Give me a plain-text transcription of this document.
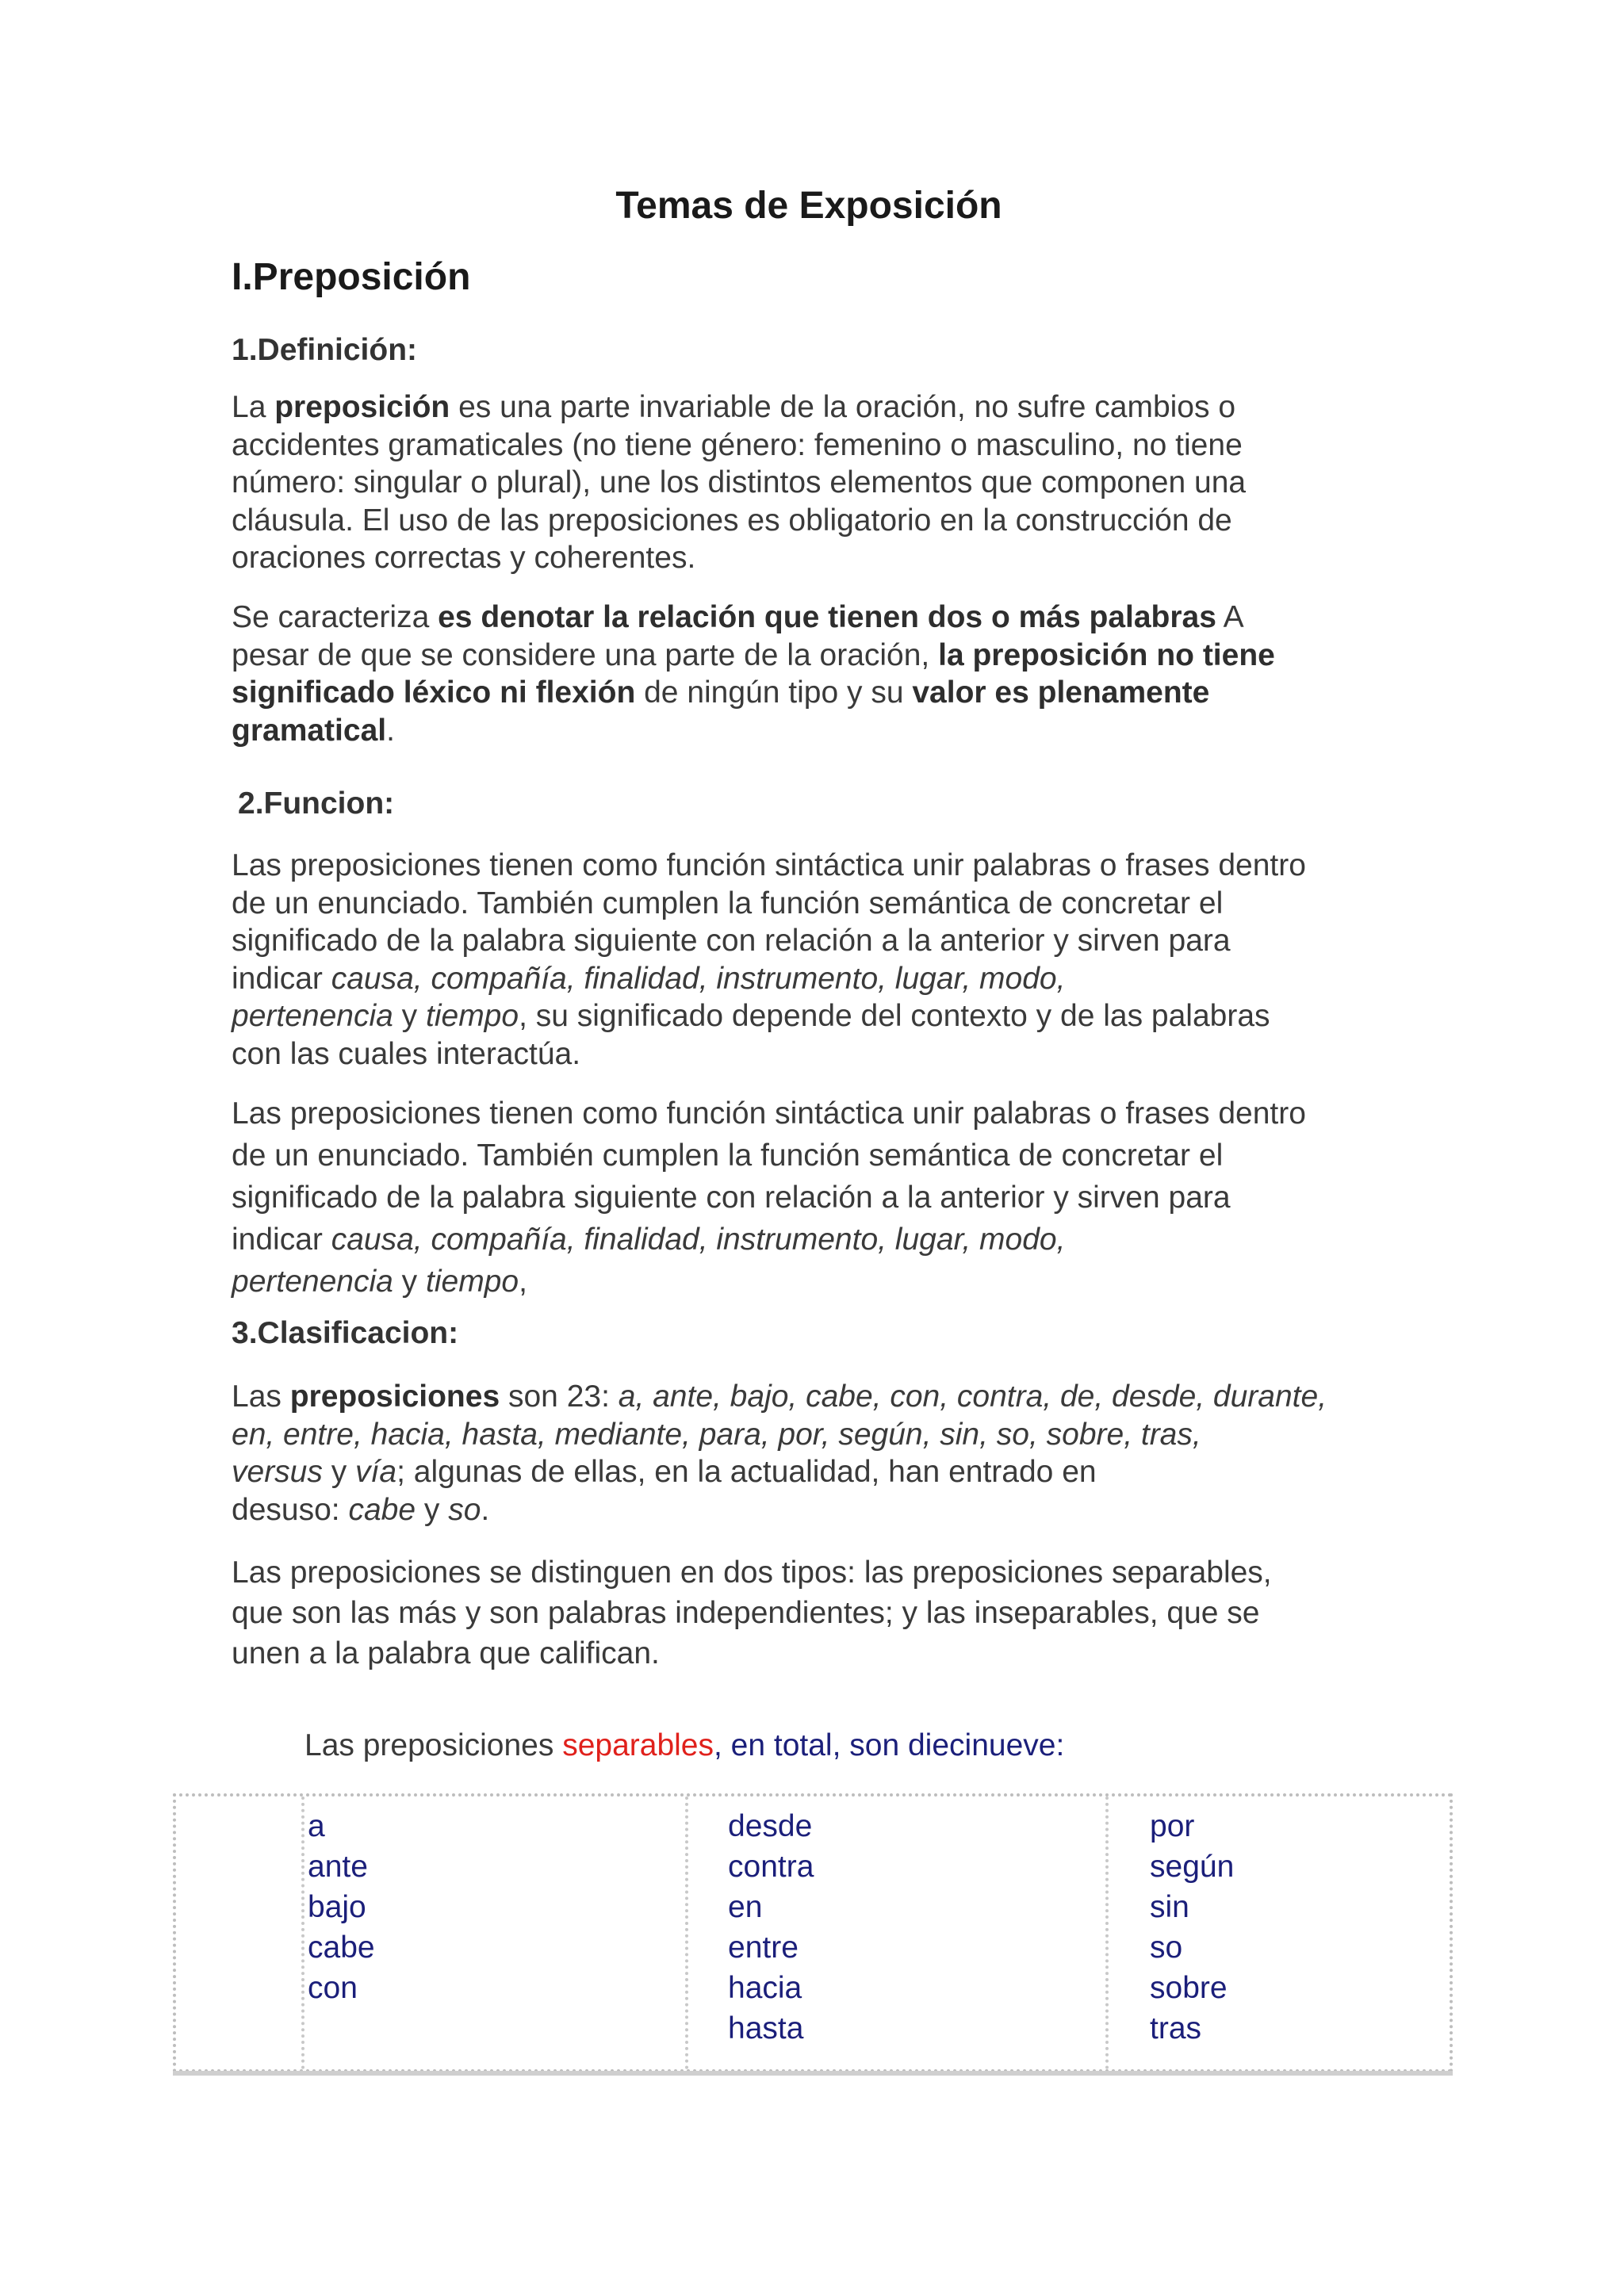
Temas de Exposición
I.Preposición
1.Definición:
La preposición es una parte invariable de la oración, no sufre cambios o
accidentes gramaticales (no tiene género: femenino o masculino, no tiene
número: singular o plural), une los distintos elementos que componen una
cláusula. El uso de las preposiciones es obligatorio en la construcción de
oraciones correctas y coherentes.
Se caracteriza es denotar la relación que tienen dos o más palabras A
pesar de que se considere una parte de la oración, la preposición no tiene
significado léxico ni flexión de ningún tipo y su valor es plenamente
gramatical.
2.Funcion:
Las preposiciones tienen como función sintáctica unir palabras o frases dentro
de un enunciado. También cumplen la función semántica de concretar el
significado de la palabra siguiente con relación a la anterior y sirven para
indicar causa, compañía, finalidad, instrumento, lugar, modo,
pertenencia y tiempo, su significado depende del contexto y de las palabras
con las cuales interactúa.
Las preposiciones tienen como función sintáctica unir palabras o frases dentro
de un enunciado. También cumplen la función semántica de concretar el
significado de la palabra siguiente con relación a la anterior y sirven para
indicar causa, compañía, finalidad, instrumento, lugar, modo,
pertenencia y tiempo,
3.Clasificacion:
Las preposiciones son 23: a, ante, bajo, cabe, con, contra, de, desde, durante,
en, entre, hacia, hasta, mediante, para, por, según, sin, so, sobre, tras,
versus y vía; algunas de ellas, en la actualidad, han entrado en
desuso: cabe y so.
Las preposiciones se distinguen en dos tipos: las preposiciones separables,
que son las más y son palabras independientes; y las inseparables, que se
unen a la palabra que califican.
Las preposiciones separables, en total, son diecinueve:
a
ante
bajo
cabe
con
desde
contra
en
entre
hacia
hasta
por
según
sin
so
sobre
tras
